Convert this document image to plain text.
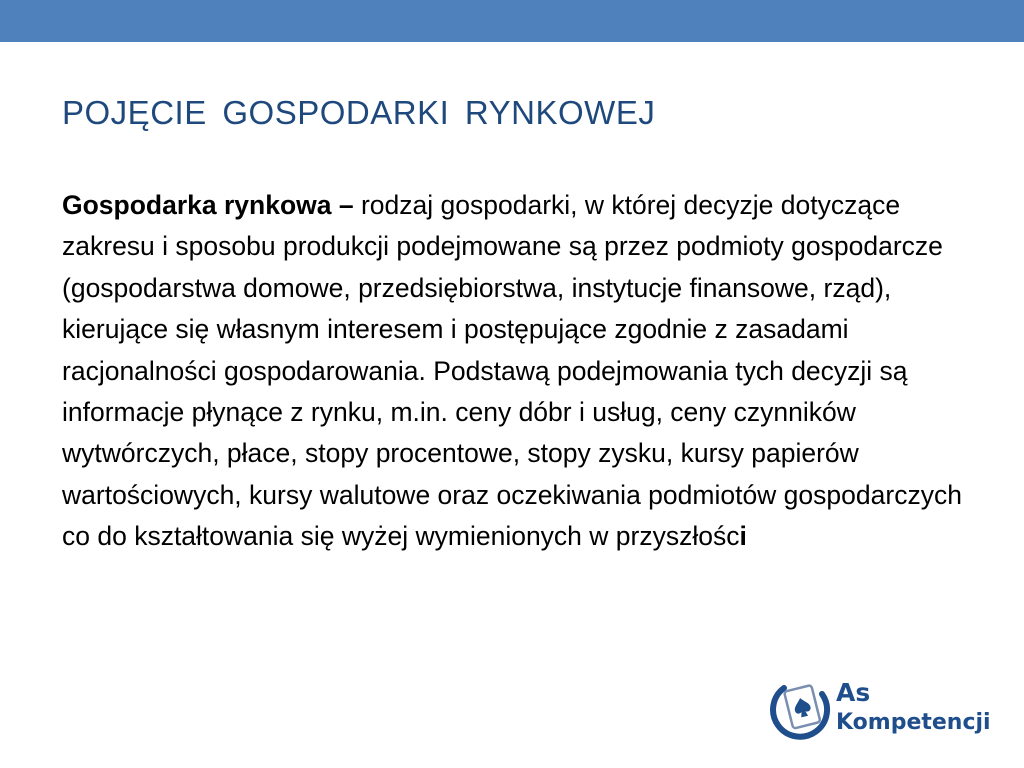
POJĘCIE GOSPODARKI RYNKOWEJ

Gospodarka rynkowa – rodzaj gospodarki, w której decyzje dotyczące zakresu i sposobu produkcji podejmowane są przez podmioty gospodarcze (gospodarstwa domowe, przedsiębiorstwa, instytucje finansowe, rząd), kierujące się własnym interesem i postępujące zgodnie z zasadami racjonalności gospodarowania. Podstawą podejmowania tych decyzji są informacje płynące z rynku, m.in. ceny dóbr i usług, ceny czynników wytwórczych, płace, stopy procentowe, stopy zysku, kursy papierów wartościowych, kursy walutowe oraz oczekiwania podmiotów gospodarczych co do kształtowania się wyżej wymienionych w przyszłości

As
Kompetencji
